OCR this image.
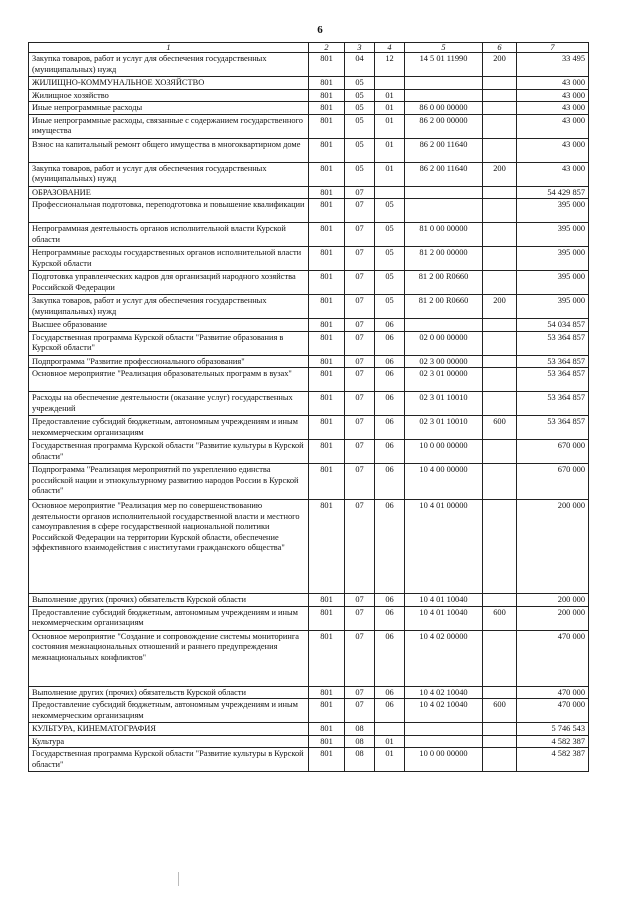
6
1	2	3	4	5	6	7
Закупка товаров, работ и услуг для обеспечения государственных (муниципальных) нужд	801	04	12	14 5 01 11990	200	33 495
ЖИЛИЩНО-КОММУНАЛЬНОЕ ХОЗЯЙСТВО	801	05				43 000
Жилищное хозяйство	801	05	01			43 000
Иные непрограммные расходы	801	05	01	86 0 00 00000		43 000
Иные непрограммные расходы, связанные с содержанием государственного имущества	801	05	01	86 2 00 00000		43 000
Взнос на капитальный ремонт общего имущества в многоквартирном доме	801	05	01	86 2 00 11640		43 000
Закупка товаров, работ и услуг для обеспечения государственных (муниципальных) нужд	801	05	01	86 2 00 11640	200	43 000
ОБРАЗОВАНИЕ	801	07				54 429 857
Профессиональная подготовка, переподготовка и повышение квалификации	801	07	05			395 000
Непрограммная деятельность органов исполнительной власти Курской области	801	07	05	81 0 00 00000		395 000
Непрограммные расходы государственных органов исполнительной власти Курской области	801	07	05	81 2 00 00000		395 000
Подготовка управленческих кадров для организаций народного хозяйства Российской Федерации	801	07	05	81 2 00 R0660		395 000
Закупка товаров, работ и услуг для обеспечения государственных (муниципальных) нужд	801	07	05	81 2 00 R0660	200	395 000
Высшее образование	801	07	06			54 034 857
Государственная программа Курской области "Развитие образования в Курской области"	801	07	06	02 0 00 00000		53 364 857
Подпрограмма "Развитие профессионального образования"	801	07	06	02 3 00 00000		53 364 857
Основное мероприятие "Реализация образовательных программ в вузах"	801	07	06	02 3 01 00000		53 364 857
Расходы на обеспечение деятельности (оказание услуг) государственных учреждений	801	07	06	02 3 01 10010		53 364 857
Предоставление субсидий бюджетным, автономным учреждениям и иным некоммерческим организациям	801	07	06	02 3 01 10010	600	53 364 857
Государственная программа Курской области "Развитие культуры в Курской области"	801	07	06	10 0 00 00000		670 000
Подпрограмма "Реализация мероприятий по укреплению единства российской нации и этнокультурному развитию народов России в Курской области"	801	07	06	10 4 00 00000		670 000
Основное мероприятие "Реализация мер по совершенствованию деятельности органов исполнительной государственной власти и местного самоуправления в сфере государственной национальной политики Российской Федерации на территории Курской области, обеспечение эффективного взаимодействия с институтами гражданского общества"	801	07	06	10 4 01 00000		200 000
Выполнение других (прочих) обязательств Курской области	801	07	06	10 4 01 10040		200 000
Предоставление субсидий бюджетным, автономным учреждениям и иным некоммерческим организациям	801	07	06	10 4 01 10040	600	200 000
Основное мероприятие "Создание и сопровождение системы мониторинга состояния межнациональных отношений и раннего предупреждения межнациональных конфликтов"	801	07	06	10 4 02 00000		470 000
Выполнение других (прочих) обязательств Курской области	801	07	06	10 4 02 10040		470 000
Предоставление субсидий бюджетным, автономным учреждениям и иным некоммерческим организациям	801	07	06	10 4 02 10040	600	470 000
КУЛЬТУРА, КИНЕМАТОГРАФИЯ	801	08				5 746 543
Культура	801	08	01			4 582 387
Государственная программа Курской области "Развитие культуры в Курской области"	801	08	01	10 0 00 00000		4 582 387
